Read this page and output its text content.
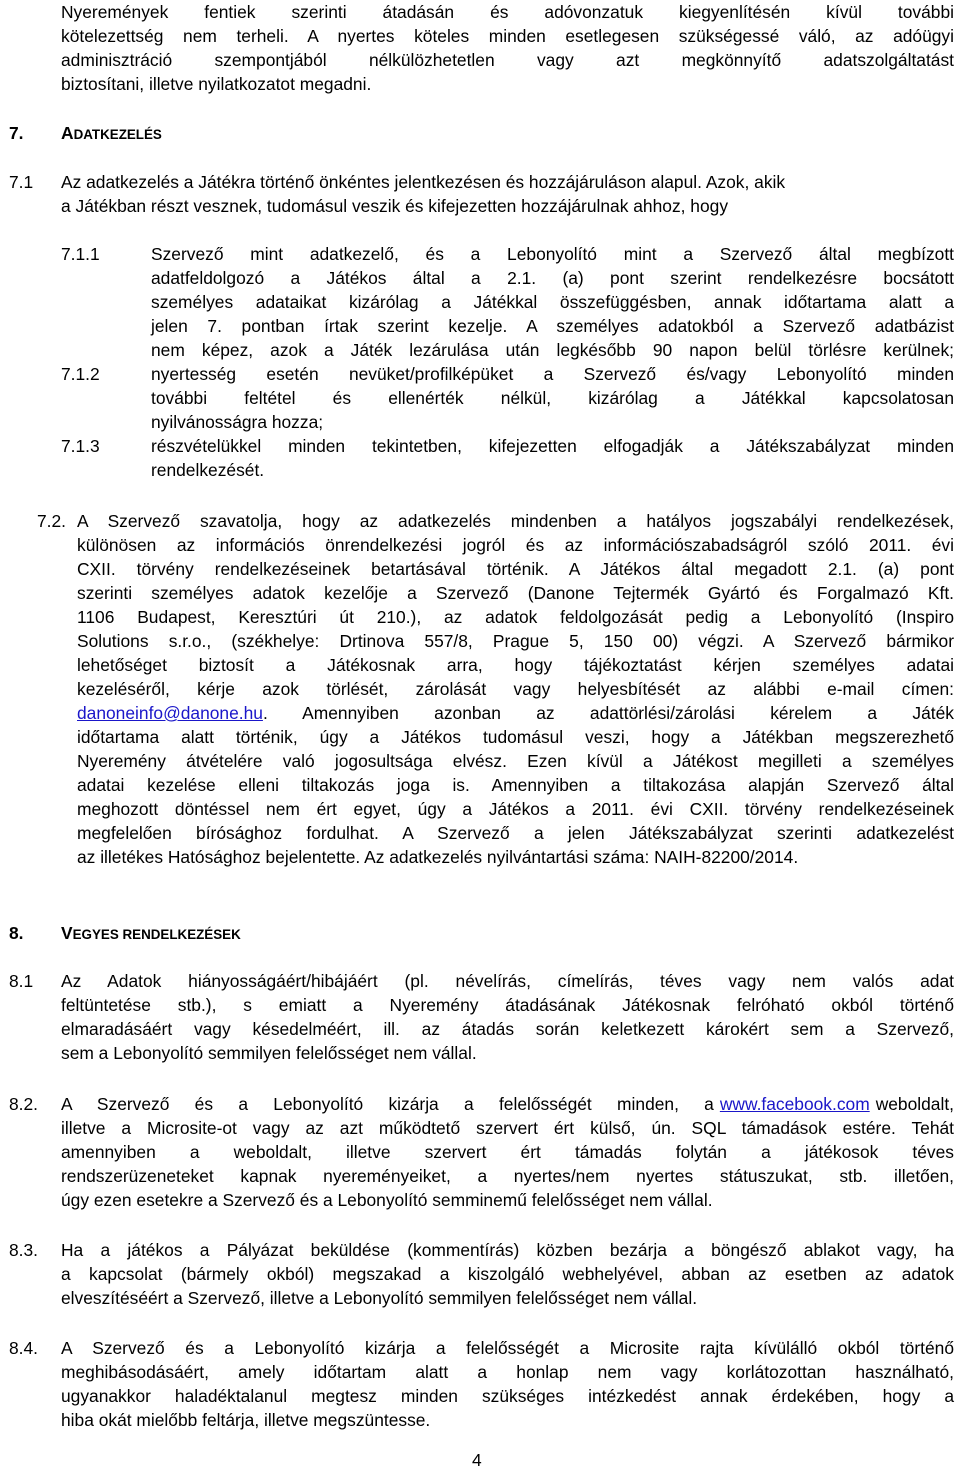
Nyeremények fentiek szerinti átadásán és adóvonzatuk kiegyenlítésén kívül további
kötelezettség nem terheli. A nyertes köteles minden esetlegesen szükségessé váló, az adóügyi
adminisztráció szempontjából nélkülözhetetlen vagy azt megkönnyítő adatszolgáltatást
biztosítani, illetve nyilatkozatot megadni.
7. ADATKEZELÉS
7.1 Az adatkezelés a Játékra történő önkéntes jelentkezésen és hozzájáruláson alapul. Azok, akik
a Játékban részt vesznek, tudomásul veszik és kifejezetten hozzájárulnak ahhoz, hogy
7.1.1	Szervező mint adatkezelő, és a Lebonyolító mint a Szervező által megbízott
adatfeldolgozó a Játékos által a 2.1. (a) pont szerint rendelkezésre bocsátott
személyes adataikat kizárólag a Játékkal összefüggésben, annak időtartama alatt a
jelen 7. pontban írtak szerint kezelje. A személyes adatokból a Szervező adatbázist
nem képez, azok a Játék lezárulása után legkésőbb 90 napon belül törlésre kerülnek;
7.1.2	nyertesség esetén nevüket/profilképüket a Szervező és/vagy Lebonyolító minden
további feltétel és ellenérték nélkül, kizárólag a Játékkal kapcsolatosan
nyilvánosságra hozza;
7.1.3	részvételükkel minden tekintetben, kifejezetten elfogadják a Játékszabályzat minden
rendelkezését.
7.2. A Szervező szavatolja, hogy az adatkezelés mindenben a hatályos jogszabályi rendelkezések,
különösen az információs önrendelkezési jogról és az információszabadságról szóló 2011. évi
CXII. törvény rendelkezéseinek betartásával történik. A Játékos által megadott 2.1. (a) pont
szerinti személyes adatok kezelője a Szervező (Danone Tejtermék Gyártó és Forgalmazó Kft.
1106 Budapest, Keresztúri út 210.), az adatok feldolgozását pedig a Lebonyolító (Inspiro
Solutions s.r.o., (székhelye: Drtinova 557/8, Prague 5, 150 00) végzi. A Szervező bármikor
lehetőséget biztosít a Játékosnak arra, hogy tájékoztatást kérjen személyes adatai
kezeléséről, kérje azok törlését, zárolását vagy helyesbítését az alábbi e-mail címen:
danoneinfo@danone.hu . Amennyiben azonban az adattörlési/zárolási kérelem a Játék
időtartama alatt történik, úgy a Játékos tudomásul veszi, hogy a Játékban megszerezhető
Nyeremény átvételére való jogosultsága elvész. Ezen kívül a Játékost megilleti a személyes
adatai kezelése elleni tiltakozás joga is. Amennyiben a tiltakozása alapján Szervező által
meghozott döntéssel nem ért egyet, úgy a Játékos a 2011. évi CXII. törvény rendelkezéseinek
megfelelően bírósághoz fordulhat. A Szervező a jelen Játékszabályzat szerinti adatkezelést
az illetékes Hatósághoz bejelentette. Az adatkezelés nyilvántartási száma: NAIH-82200/2014.
8. VEGYES RENDELKEZÉSEK
8.1 Az Adatok hiányosságáért/hibájáért (pl. névelírás, címelírás, téves vagy nem valós adat
feltüntetése stb.), s emiatt a Nyeremény átadásának Játékosnak felróható okból történő
elmaradásáért vagy késedelméért, ill. az átadás során keletkezett károkért sem a Szervező,
sem a Lebonyolító semmilyen felelősséget nem vállal.
8.2. A Szervező és a Lebonyolító kizárja a felelősségét minden, a www.facebook.com weboldalt,
illetve a Microsite-ot vagy az azt működtető szervert ért külső, ún. SQL támadások estére. Tehát
amennyiben a weboldalt, illetve szervert ért támadás folytán a játékosok téves
rendszerüzeneteket kapnak nyereményeiket, a nyertes/nem nyertes státuszukat, stb. illetően,
úgy ezen esetekre a Szervező és a Lebonyolító semminemű felelősséget nem vállal.
8.3. Ha a játékos a Pályázat beküldése (kommentírás) közben bezárja a böngésző ablakot vagy, ha
a kapcsolat (bármely okból) megszakad a kiszolgáló webhelyével, abban az esetben az adatok
elveszítéséért a Szervező, illetve a Lebonyolító semmilyen felelősséget nem vállal.
8.4. A Szervező és a Lebonyolító kizárja a felelősségét a Microsite rajta kívülálló okból történő
meghibásodásáért, amely időtartam alatt a honlap nem vagy korlátozottan használható,
ugyanakkor haladéktalanul megtesz minden szükséges intézkedést annak érdekében, hogy a
hiba okát mielőbb feltárja, illetve megszüntesse.
4
